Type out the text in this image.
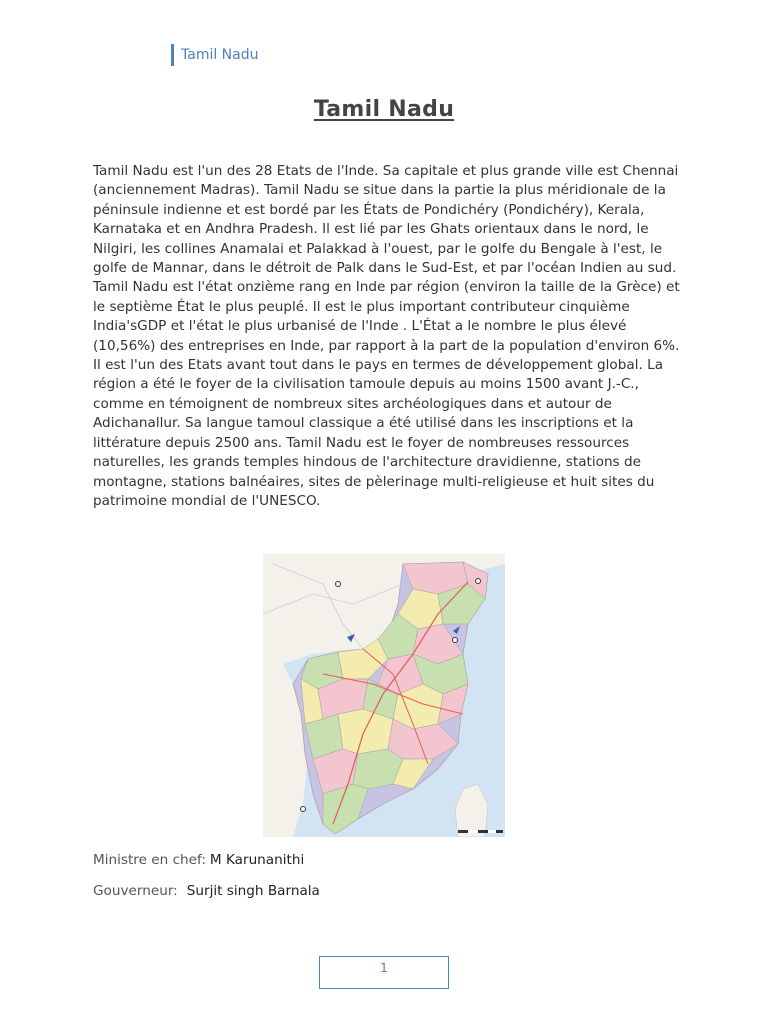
Tamil Nadu
Tamil Nadu

Tamil Nadu est l'un des 28 Etats de l'Inde. Sa capitale et plus grande ville est Chennai (anciennement Madras). Tamil Nadu se situe dans la partie la plus méridionale de la péninsule indienne et est bordé par les États de Pondichéry (Pondichéry), Kerala, Karnataka et en Andhra Pradesh. Il est lié par les Ghats orientaux dans le nord, le Nilgiri, les collines Anamalai et Palakkad à l'ouest, par le golfe du Bengale à l'est, le golfe de Mannar, dans le détroit de Palk dans le Sud-Est, et par l'océan Indien au sud. Tamil Nadu est l'état onzième rang en Inde par région (environ la taille de la Grèce) et le septième État le plus peuplé. Il est le plus important contributeur cinquième India'sGDP et l'état le plus urbanisé de l'Inde . L'État a le nombre le plus élevé (10,56%) des entreprises en Inde, par rapport à la part de la population d'environ 6%. Il est l'un des Etats avant tout dans le pays en termes de développement global. La région a été le foyer de la civilisation tamoule depuis au moins 1500 avant J.-C., comme en témoignent de nombreux sites archéologiques dans et autour de Adichanallur. Sa langue tamoul classique a été utilisé dans les inscriptions et la littérature depuis 2500 ans. Tamil Nadu est le foyer de nombreuses ressources naturelles, les grands temples hindous de l'architecture dravidienne, stations de montagne, stations balnéaires, sites de pèlerinage multi-religieuse et huit sites du patrimoine mondial de l'UNESCO.

Ministre en chef: M Karunanithi
Gouverneur: Surjit singh Barnala
1
